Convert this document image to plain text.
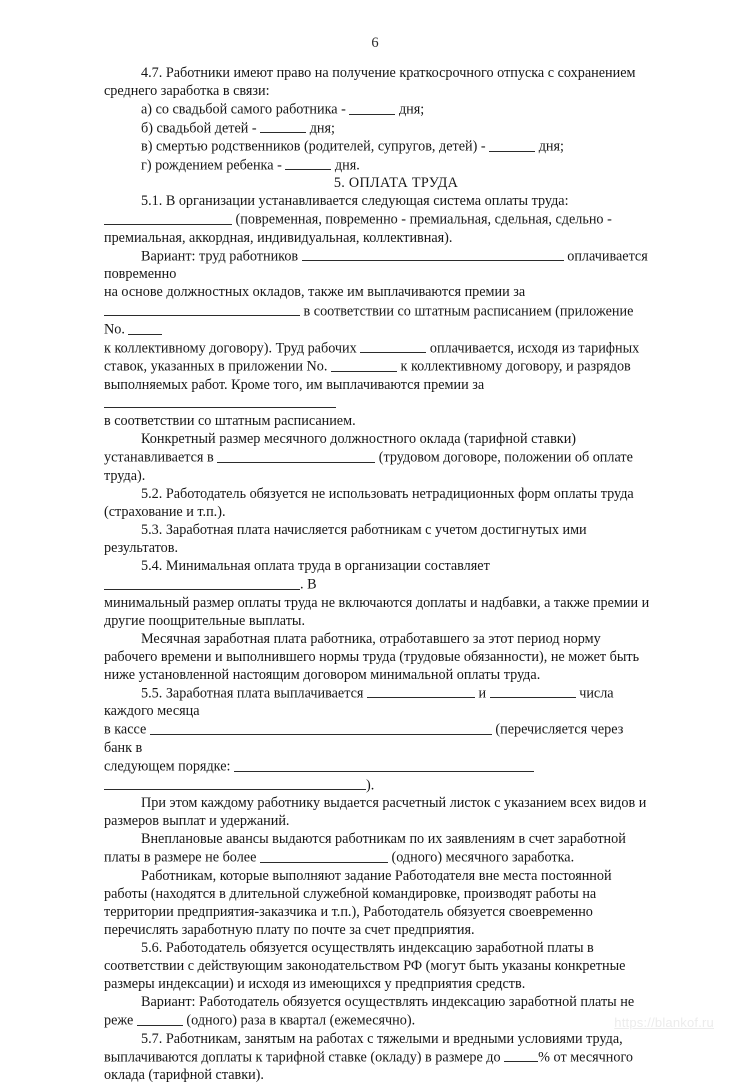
6

4.7. Работники имеют право на получение краткосрочного отпуска с сохранением среднего заработка в связи:

а) со свадьбой самого работника -	дня;

б) свадьбой детей -	дня;

в) смертью родственников (родителей, супругов, детей) -	дня;

г) рождением ребенка -	дня.

5. ОПЛАТА ТРУДА

5.1. В организации устанавливается следующая система оплаты труда:

(повременная, повременно - премиальная, сдельная, сдельно -

премиальная, аккордная, индивидуальная, коллективная).

Вариант: труд работников	оплачивается повременно

на основе должностных окладов, также им выплачиваются премии за

в соответствии со штатным расписанием (приложение No.

к коллективному договору). Труд рабочих	оплачивается, исходя из тарифных

ставок, указанных в приложении No.	к коллективному договору, и разрядов

выполняемых работ. Кроме того, им выплачиваются премии за

в соответствии со штатным расписанием.

Конкретный размер месячного должностного оклада (тарифной ставки)

устанавливается в	(трудовом договоре, положении об оплате

труда).

5.2. Работодатель обязуется не использовать нетрадиционных форм оплаты труда (страхование и т.п.).

5.3. Заработная плата начисляется работникам с учетом достигнутых ими результатов.

5.4. Минимальная оплата труда в организации составляет . В

минимальный размер оплаты труда не включаются доплаты и надбавки, а также премии и

другие поощрительные выплаты.

Месячная заработная плата работника, отработавшего за этот период норму рабочего времени и выполнившего нормы труда (трудовые обязанности), не может быть ниже установленной настоящим договором минимальной оплаты труда.

5.5. Заработная плата выплачивается	и	числа каждого месяца

в кассе	(перечисляется через банк в

следующем порядке: ).

При этом каждому работнику выдается расчетный листок с указанием всех видов и размеров выплат и удержаний.

Внеплановые авансы выдаются работникам по их заявлениям в счет заработной

платы в размере не более	(одного) месячного заработка.

Работникам, которые выполняют задание Работодателя вне места постоянной работы (находятся в длительной служебной командировке, производят работы на территории предприятия-заказчика и т.п.), Работодатель обязуется своевременно перечислять заработную плату по почте за счет предприятия.

5.6. Работодатель обязуется осуществлять индексацию заработной платы в соответствии с действующим законодательством РФ (могут быть указаны конкретные размеры индексации) и исходя из имеющихся у предприятия средств.

Вариант: Работодатель обязуется осуществлять индексацию заработной платы не

реже	(одного) раза в квартал (ежемесячно).

5.7. Работникам, занятым на работах с тяжелыми и вредными условиями труда,

выплачиваются доплаты к тарифной ставке (окладу) в размере до % от месячного

оклада (тарифной ставки).

https://blankof.ru
